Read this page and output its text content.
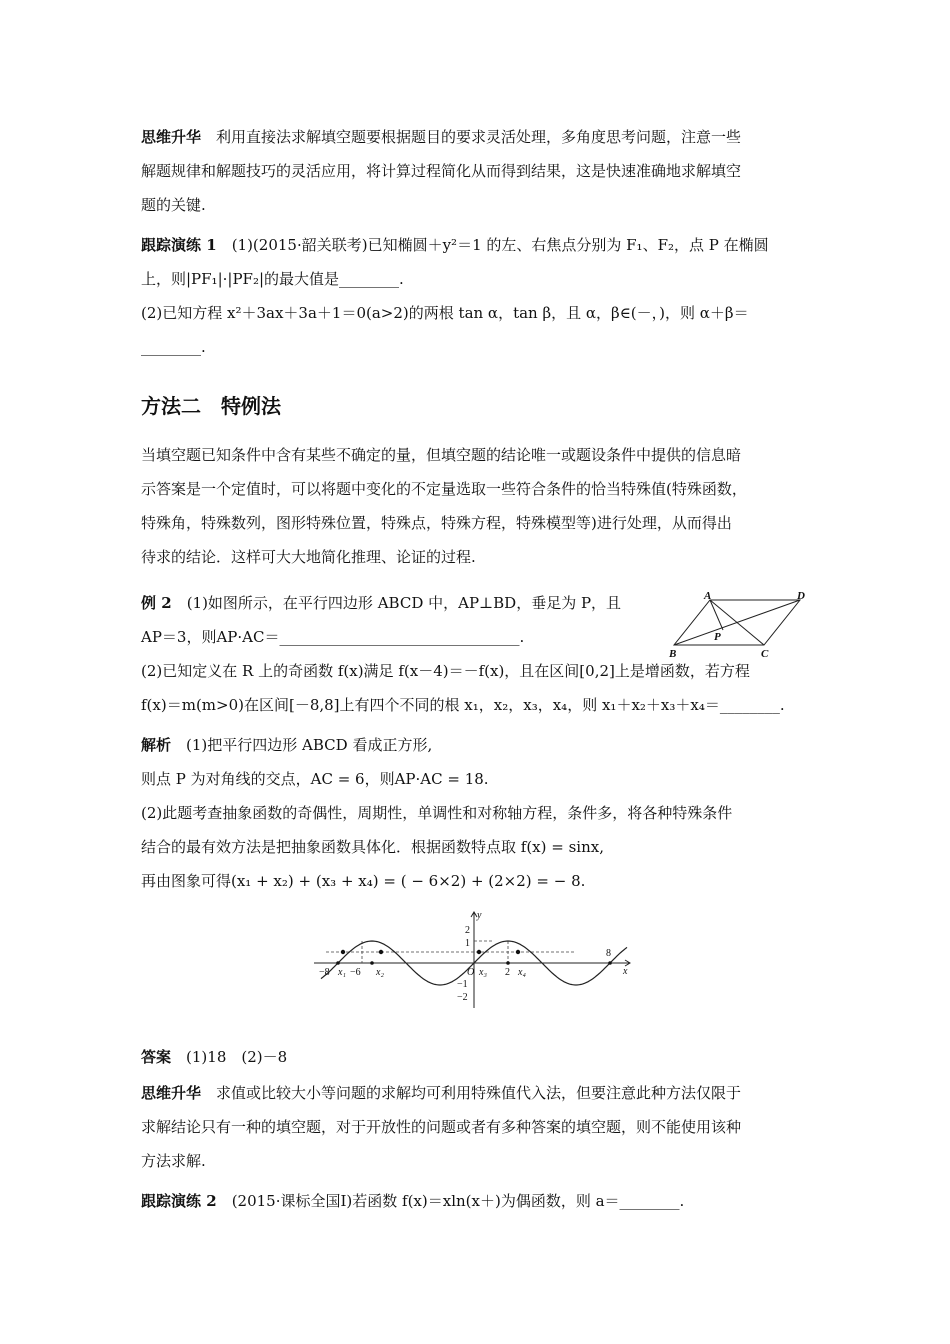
思维升华　 利用直接法求解填空题要根据题目的要求灵活处理，多角度思考问题，注意一些

解题规律和解题技巧的灵活应用，将计算过程简化从而得到结果，这是快速准确地求解填空

题的关键.

跟踪演练 1　 (1)(2015·韶关联考)已知椭圆＋y²＝1 的左、右焦点分别为 F₁、F₂，点 P 在椭圆

上，则|PF₁|·|PF₂|的最大值是________.

(2)已知方程 x²＋3ax＋3a＋1＝0(a>2)的两根 tan α，tan β，且 α，β∈(－，)，则 α＋β＝

________.

方法二　特例法

当填空题已知条件中含有某些不确定的量，但填空题的结论唯一或题设条件中提供的信息暗

示答案是一个定值时，可以将题中变化的不定量选取一些符合条件的恰当特殊值(特殊函数，

特殊角，特殊数列，图形特殊位置，特殊点，特殊方程，特殊模型等)进行处理，从而得出

待求的结论．这样可大大地简化推理、论证的过程.

例 2　 (1)如图所示，在平行四边形 ABCD 中，AP⊥BD，垂足为 P，且

AP＝3，则AP·AC＝________________________________.

(2)已知定义在 R 上的奇函数 f(x)满足 f(x－4)＝－f(x)，且在区间[0,2]上是增函数，若方程

f(x)＝m(m>0)在区间[－8,8]上有四个不同的根 x₁，x₂，x₃，x₄，则 x₁＋x₂＋x₃＋x₄＝________.

A	D
B	C
P

解析　 (1)把平行四边形 ABCD 看成正方形,

则点 P 为对角线的交点，AC = 6，则AP·AC = 18.

(2)此题考查抽象函数的奇偶性，周期性，单调性和对称轴方程，条件多，将各种特殊条件

结合的最有效方法是把抽象函数具体化．根据函数特点取 f(x) = sinx,

再由图象可得(x₁ + x₂) + (x₃ + x₄) = ( − 6×2) + (2×2) = − 8.

y
x
2
1
−1
−2
−8 x₁ −6 x₂	O x₃ 2 x₄
8

答案　 (1)18　(2)－8

思维升华　 求值或比较大小等问题的求解均可利用特殊值代入法，但要注意此种方法仅限于

求解结论只有一种的填空题，对于开放性的问题或者有多种答案的填空题，则不能使用该种

方法求解.

跟踪演练 2　 (2015·课标全国Ⅰ)若函数 f(x)＝xln(x＋)为偶函数，则 a＝________.
